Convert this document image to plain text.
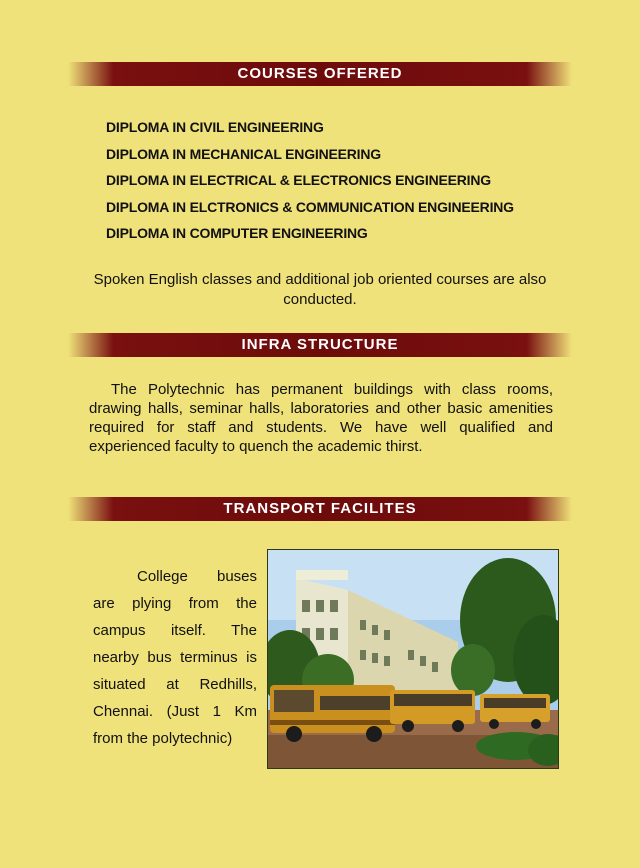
COURSES OFFERED
DIPLOMA IN CIVIL ENGINEERING
DIPLOMA IN MECHANICAL ENGINEERING
DIPLOMA IN ELECTRICAL & ELECTRONICS ENGINEERING
DIPLOMA IN ELCTRONICS & COMMUNICATION ENGINEERING
DIPLOMA IN COMPUTER ENGINEERING

Spoken English classes and additional job oriented courses are also conducted.

INFRA STRUCTURE

The Polytechnic has permanent buildings with class rooms, drawing halls, seminar halls, laboratories and other basic amenities required for staff and students. We have well qualified and experienced faculty to quench the academic thirst.

TRANSPORT FACILITES

College buses are plying from the campus itself. The nearby bus terminus is situated at Redhills, Chennai. (Just 1 Km from the polytechnic)
